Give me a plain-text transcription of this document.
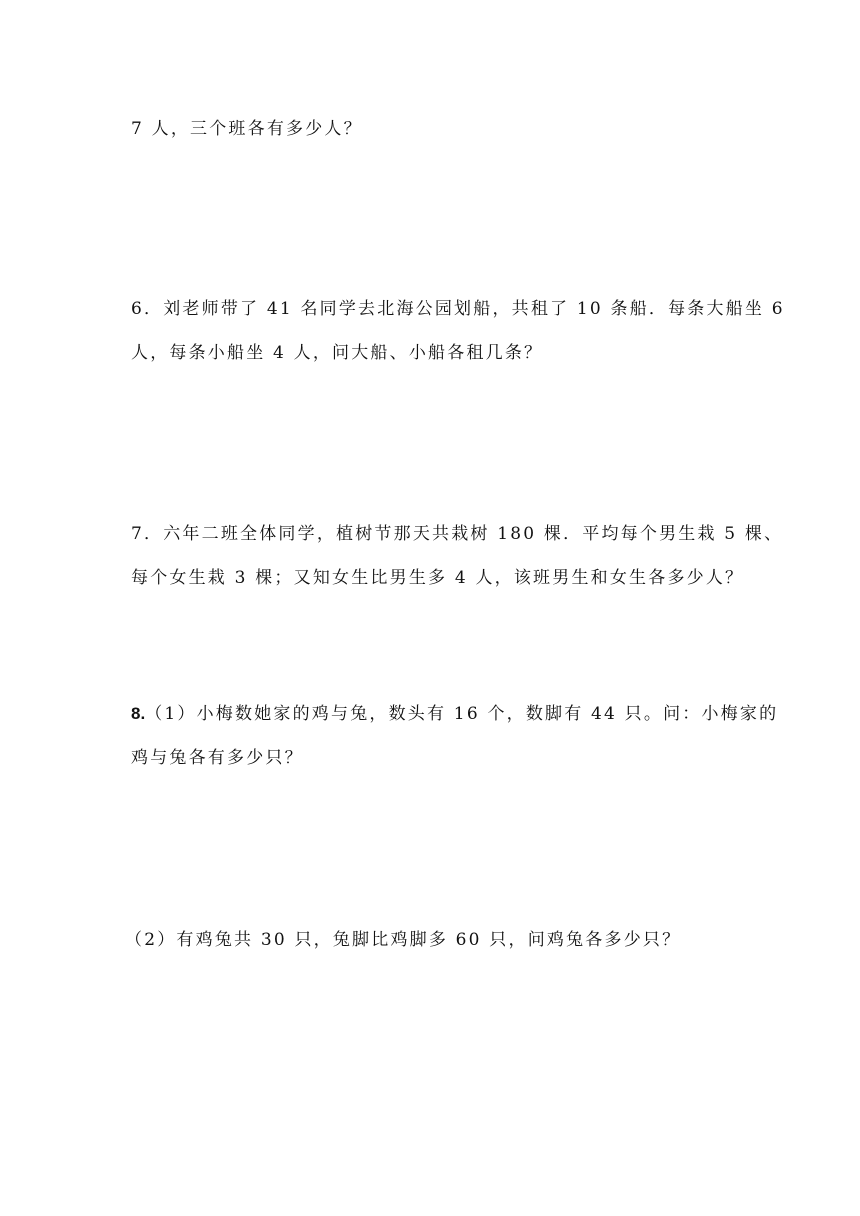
7 人，三个班各有多少人？
6．刘老师带了 41 名同学去北海公园划船，共租了 10 条船．每条大船坐 6
人，每条小船坐 4 人，问大船、小船各租几条？
7．六年二班全体同学，植树节那天共栽树 180 棵．平均每个男生栽 5 棵、
每个女生栽 3 棵；又知女生比男生多 4 人，该班男生和女生各多少人？
8.（1）小梅数她家的鸡与兔，数头有 16 个，数脚有 44 只。问：小梅家的
鸡与兔各有多少只？
（2）有鸡兔共 30 只，兔脚比鸡脚多 60 只，问鸡兔各多少只？
